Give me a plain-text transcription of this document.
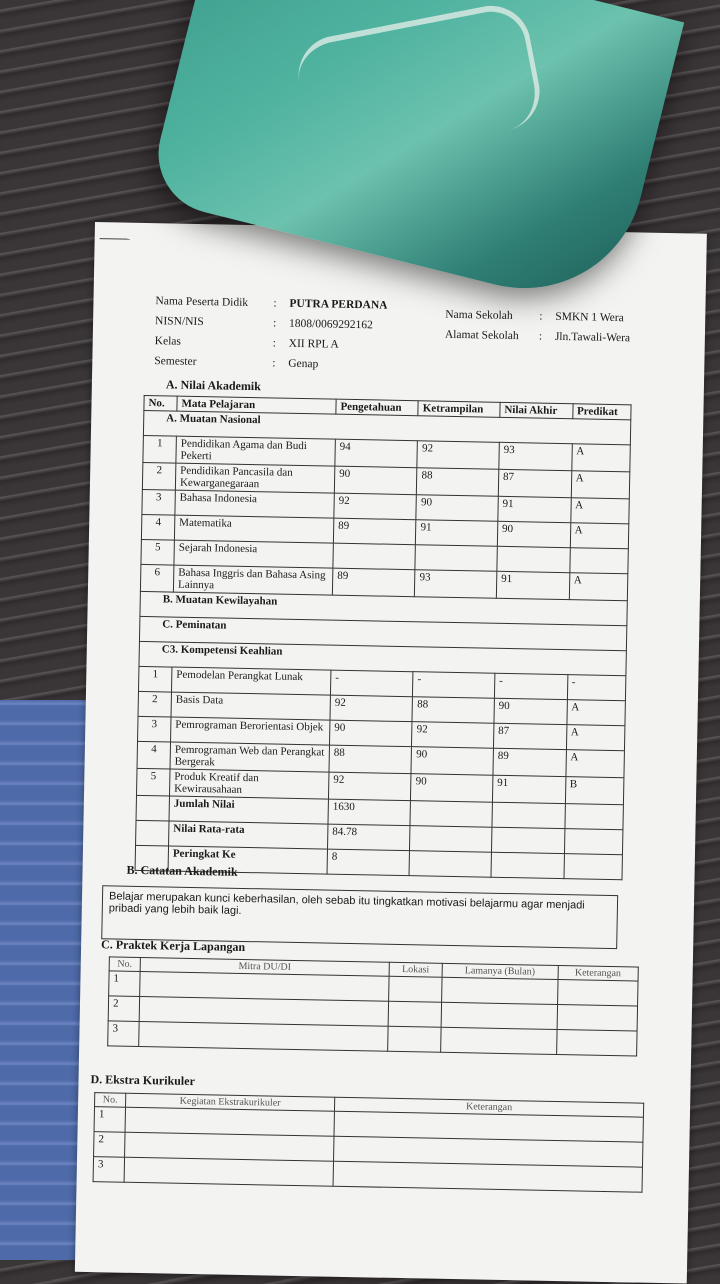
Nama Peserta Didik	:	PUTRA PERDANA
NISN/NIS	:	1808/0069292162
Kelas	:	XII RPL A
Semester	:	Genap
Nama Sekolah	:	SMKN 1 Wera
Alamat Sekolah	:	Jln.Tawali-Wera
A. Nilai Akademik
No.	Mata Pelajaran	Pengetahuan	Ketrampilan	Nilai Akhir	Predikat
A. Muatan Nasional					
1	Pendidikan Agama dan Budi Pekerti	94	92	93	A
2	Pendidikan Pancasila dan Kewarganegaraan	90	88	87	A
3	Bahasa Indonesia	92	90	91	A
4	Matematika	89	91	90	A
5	Sejarah Indonesia				
6	Bahasa Inggris dan Bahasa Asing Lainnya	89	93	91	A
B. Muatan Kewilayahan					
C. Peminatan					
C3. Kompetensi Keahlian					
1	Pemodelan Perangkat Lunak	-	-	-	-
2	Basis Data	92	88	90	A
3	Pemrograman Berorientasi Objek	90	92	87	A
4	Pemrograman Web dan Perangkat Bergerak	88	90	89	A
5	Produk Kreatif dan Kewirausahaan	92	90	91	B
	Jumlah Nilai	1630			
	Nilai Rata-rata	84.78			
	Peringkat Ke	8			
B. Catatan Akademik
Belajar merupakan kunci keberhasilan, oleh sebab itu tingkatkan motivasi belajarmu agar menjadi pribadi yang lebih baik lagi.
C. Praktek Kerja Lapangan
No.	Mitra DU/DI	Lokasi	Lamanya (Bulan)	Keterangan
1				
2				
3				
D. Ekstra Kurikuler
No.	Kegiatan Ekstrakurikuler	Keterangan
1		
2		
3		
